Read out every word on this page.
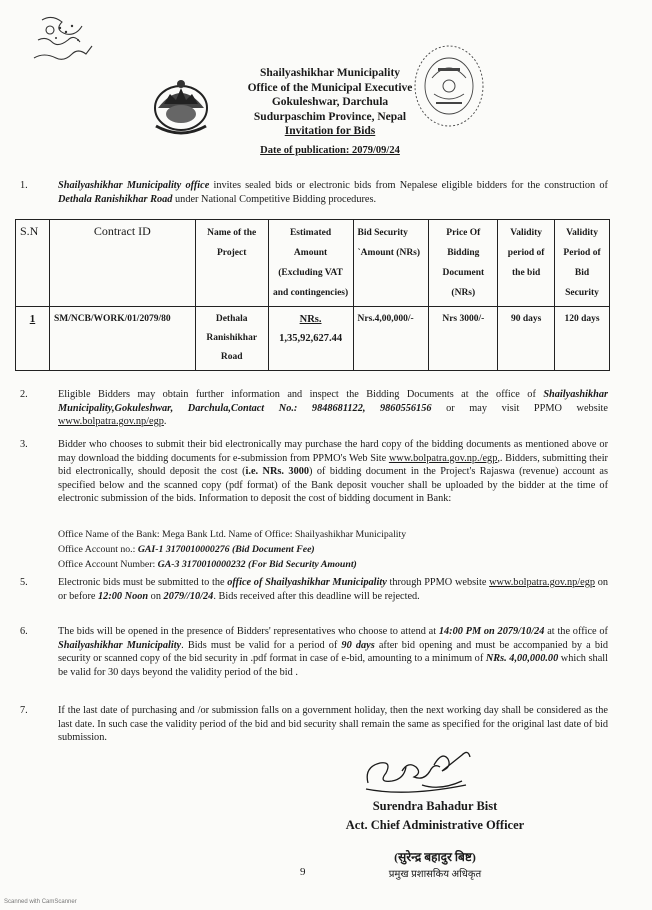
Shailyashikhar Municipality
Office of the Municipal Executive
Gokuleshwar, Darchula
Sudurpaschim Province, Nepal
Invitation for Bids
Date of publication: 2079/09/24
1.	Shailyashikhar Municipality office invites sealed bids or electronic bids from Nepalese eligible bidders for the construction of Dethala Ranishikhar Road under National Competitive Bidding procedures.
S.N	Contract ID	Name of the Project	Estimated Amount (Excluding VAT and contingencies)	Bid Security `Amount (NRs)	Price Of Bidding Document (NRs)	Validity period of the bid	Validity Period of Bid Security
1	SM/NCB/WORK/01/2079/80	Dethala Ranishikhar Road	NRs. 1,35,92,627.44	Nrs.4,00,000/-	Nrs 3000/-	90 days	120 days
2.	Eligible Bidders may obtain further information and inspect the Bidding Documents at the office of Shailyashikhar Municipality,Gokuleshwar, Darchula,Contact No.: 9848681122, 9860556156 or may visit PPMO website www.bolpatra.gov.np/egp.
3.	Bidder who chooses to submit their bid electronically may purchase the hard copy of the bidding documents as mentioned above or may download the bidding documents for e-submission from PPMO's Web Site www.bolpatra.gov.np./egp,. Bidders, submitting their bid electronically, should deposit the cost (i.e. NRs. 3000) of bidding document in the Project's Rajaswa (revenue) account as specified below and the scanned copy (pdf format) of the Bank deposit voucher shall be uploaded by the bidder at the time of electronic submission of the bids. Information to deposit the cost of bidding document in Bank:
Office Name of the Bank: Mega Bank Ltd. Name of Office: Shailyashikhar Municipality
Office Account no.: GAI-1 3170010000276 (Bid Document Fee)
Office Account Number: GA-3 3170010000232 (For Bid Security Amount)
5.	Electronic bids must be submitted to the office of Shailyashikhar Municipality through PPMO website www.bolpatra.gov.np/egp on or before 12:00 Noon on 2079//10/24. Bids received after this deadline will be rejected.
6.	The bids will be opened in the presence of Bidders' representatives who choose to attend at 14:00 PM on 2079/10/24 at the office of Shailyashikhar Municipality. Bids must be valid for a period of 90 days after bid opening and must be accompanied by a bid security or scanned copy of the bid security in .pdf format in case of e-bid, amounting to a minimum of NRs. 4,00,000.00 which shall be valid for 30 days beyond the validity period of the bid .
7.	If the last date of purchasing and /or submission falls on a government holiday, then the next working day shall be considered as the last date. In such case the validity period of the bid and bid security shall remain the same as specified for the original last date of bid submission.
Surendra Bahadur Bist
Act. Chief Administrative Officer
(सुरेन्द्र बहादुर बिष्ट)
प्रमुख प्रशासकिय अधिकृत
9
Scanned with CamScanner
